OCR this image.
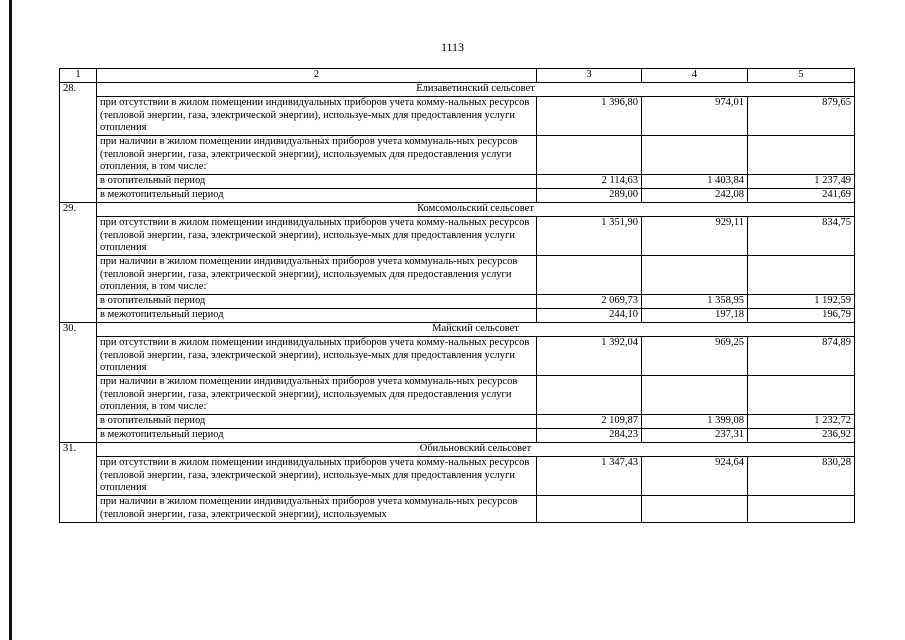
1113
1	2	3	4	5
28.	Елизаветинский сельсовет			
	при отсутствии в жилом помещении индивидуальных приборов учета комму-нальных ресурсов (тепловой энергии, газа, электрической энергии), используе-мых для предоставления услуги отопления	1 396,80	974,01	879,65
	при наличии в жилом помещении индивидуальных приборов учета коммуналь-ных ресурсов (тепловой энергии, газа, электрической энергии), используемых для предоставления услуги отопления, в том числе:			
	в отопительный период	2 114,63	1 403,84	1 237,49
	в межотопительный период	289,00	242,08	241,69
29.	Комсомольский сельсовет			
	при отсутствии в жилом помещении индивидуальных приборов учета комму-нальных ресурсов (тепловой энергии, газа, электрической энергии), используе-мых для предоставления услуги отопления	1 351,90	929,11	834,75
	при наличии в жилом помещении индивидуальных приборов учета коммуналь-ных ресурсов (тепловой энергии, газа, электрической энергии), используемых для предоставления услуги отопления, в том числе:			
	в отопительный период	2 069,73	1 358,95	1 192,59
	в межотопительный период	244,10	197,18	196,79
30.	Майский сельсовет			
	при отсутствии в жилом помещении индивидуальных приборов учета комму-нальных ресурсов (тепловой энергии, газа, электрической энергии), используе-мых для предоставления услуги отопления	1 392,04	969,25	874,89
	при наличии в жилом помещении индивидуальных приборов учета коммуналь-ных ресурсов (тепловой энергии, газа, электрической энергии), используемых для предоставления услуги отопления, в том числе:			
	в отопительный период	2 109,87	1 399,08	1 232,72
	в межотопительный период	284,23	237,31	236,92
31.	Обильновский сельсовет			
	при отсутствии в жилом помещении индивидуальных приборов учета комму-нальных ресурсов (тепловой энергии, газа, электрической энергии), используе-мых для предоставления услуги отопления	1 347,43	924,64	830,28
	при наличии в жилом помещении индивидуальных приборов учета коммуналь-ных ресурсов (тепловой энергии, газа, электрической энергии), используемых			
